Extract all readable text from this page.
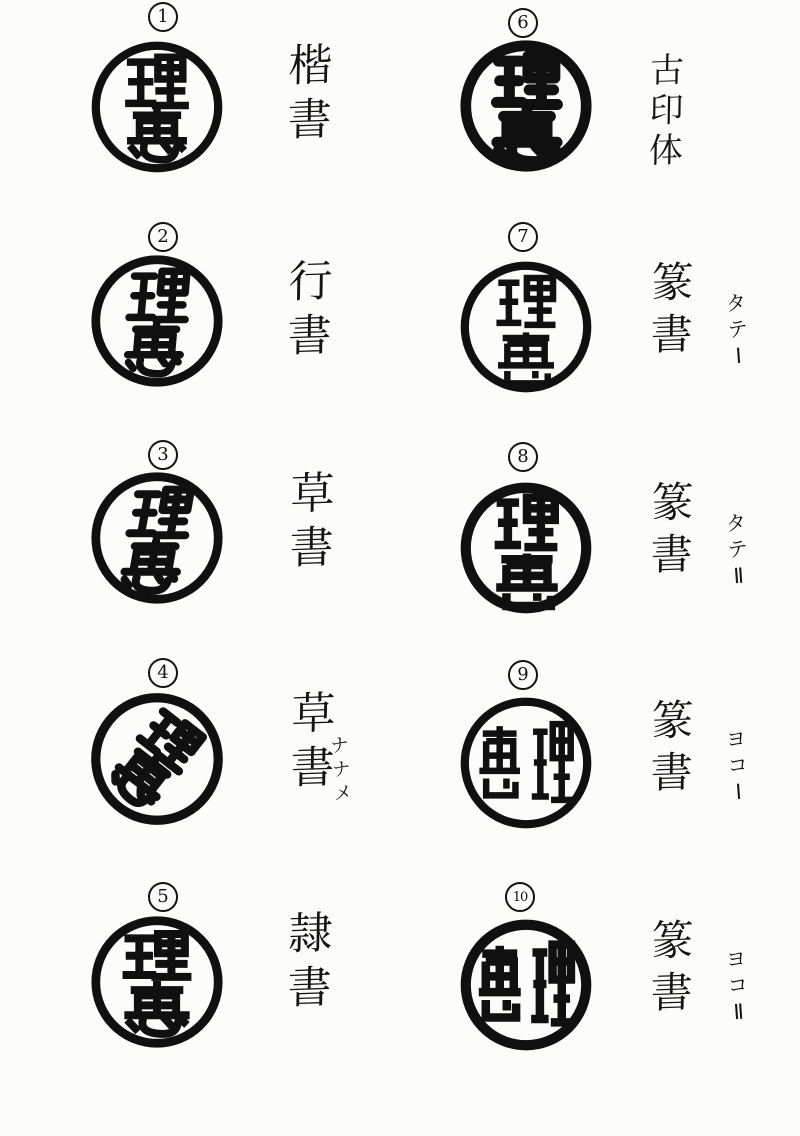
1
楷書
2
行書
3
草書
4
草書
ナナメ
5
隷書
6
古印体
7
篆書 タテⅠ
8
篆書 タテⅡ
9
篆書 ヨコⅠ
10
篆書 ヨコⅡ
